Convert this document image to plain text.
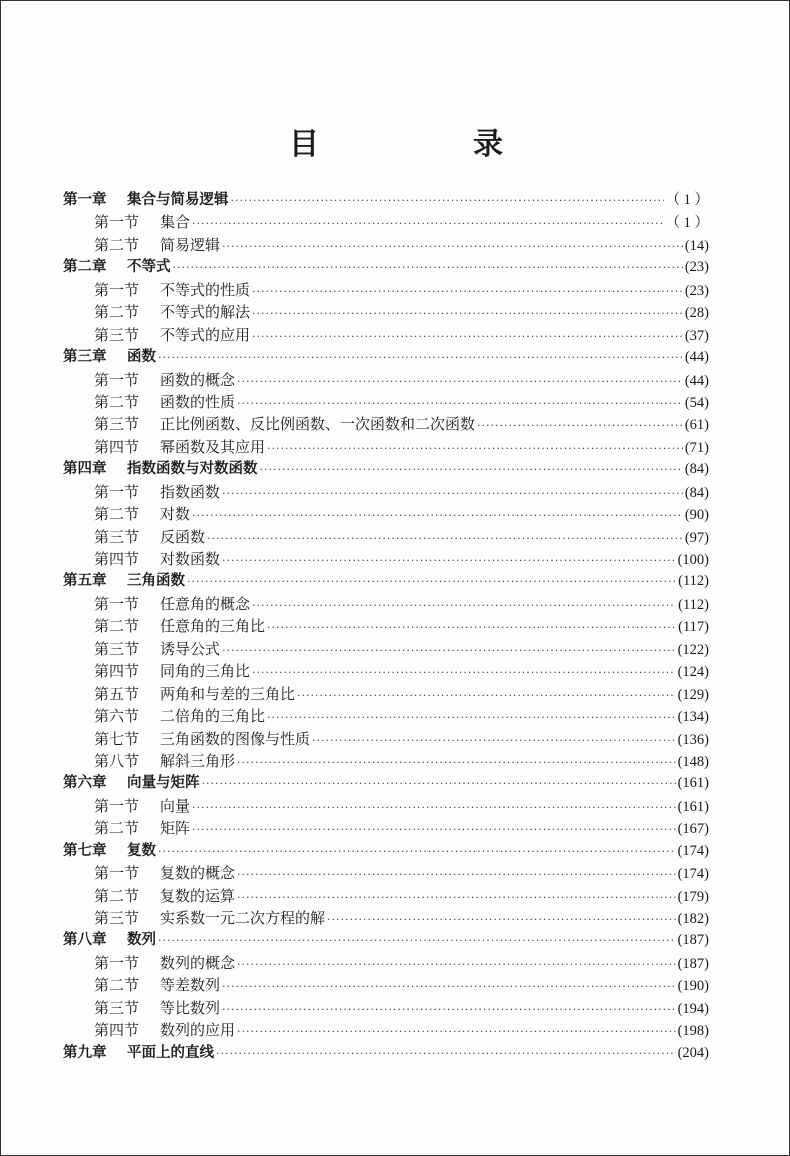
目　录
第一章	集合与简易逻辑 ·····	（ 1 ）
第一节	集合 ·····	（ 1 ）
第二节	简易逻辑 ·····	(14)
第二章	不等式 ·····	(23)
第一节	不等式的性质 ·····	(23)
第二节	不等式的解法 ·····	(28)
第三节	不等式的应用 ·····	(37)
第三章	函数 ·····	(44)
第一节	函数的概念 ·····	(44)
第二节	函数的性质 ·····	(54)
第三节	正比例函数、反比例函数、一次函数和二次函数 ·····	(61)
第四节	幂函数及其应用 ·····	(71)
第四章	指数函数与对数函数 ·····	(84)
第一节	指数函数 ·····	(84)
第二节	对数 ·····	(90)
第三节	反函数 ·····	(97)
第四节	对数函数 ·····	(100)
第五章	三角函数 ·····	(112)
第一节	任意角的概念 ·····	(112)
第二节	任意角的三角比 ·····	(117)
第三节	诱导公式 ·····	(122)
第四节	同角的三角比 ·····	(124)
第五节	两角和与差的三角比 ·····	(129)
第六节	二倍角的三角比 ·····	(134)
第七节	三角函数的图像与性质 ·····	(136)
第八节	解斜三角形 ·····	(148)
第六章	向量与矩阵 ·····	(161)
第一节	向量 ·····	(161)
第二节	矩阵 ·····	(167)
第七章	复数 ·····	(174)
第一节	复数的概念 ·····	(174)
第二节	复数的运算 ·····	(179)
第三节	实系数一元二次方程的解 ·····	(182)
第八章	数列 ·····	(187)
第一节	数列的概念 ·····	(187)
第二节	等差数列 ·····	(190)
第三节	等比数列 ·····	(194)
第四节	数列的应用 ·····	(198)
第九章	平面上的直线 ·····	(204)
